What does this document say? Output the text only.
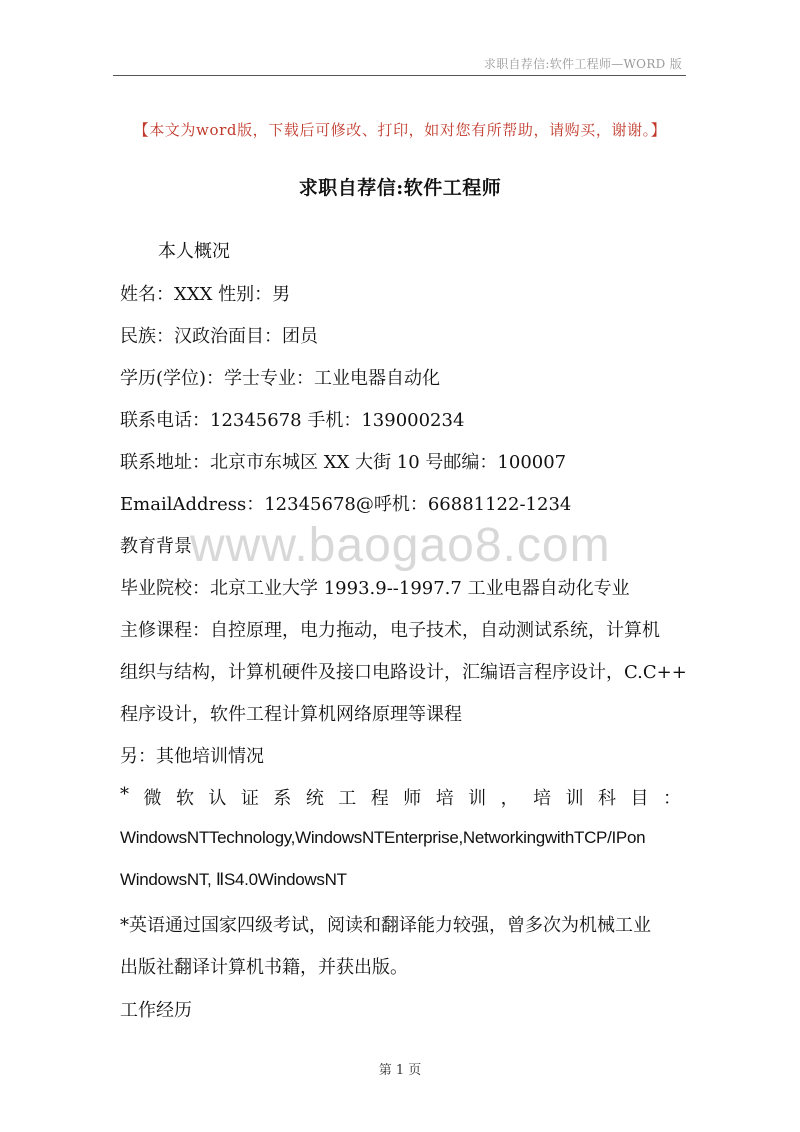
求职自荐信:软件工程师—WORD 版
【本文为word版，下载后可修改、打印，如对您有所帮助，请购买，谢谢。】
求职自荐信:软件工程师
www.baogao8.com
本人概况
姓名：XXX 性别：男
民族：汉政治面目：团员
学历(学位)：学士专业：工业电器自动化
联系电话：12345678 手机：139000234
联系地址：北京市东城区 XX 大街 10 号邮编：100007
EmailAddress：12345678@呼机：66881122-1234
教育背景
毕业院校：北京工业大学 1993.9--1997.7 工业电器自动化专业
主修课程：自控原理，电力拖动，电子技术，自动测试系统，计算机
组织与结构，计算机硬件及接口电路设计，汇编语言程序设计，C.C++
程序设计，软件工程计算机网络原理等课程
另：其他培训情况
* 微 软 认 证 系 统 工 程 师 培 训 ， 培 训 科 目 ：
WindowsNTTechnology,WindowsNTEnterprise,NetworkingwithTCP/IPon
WindowsNT, ⅡS4.0WindowsNT
*英语通过国家四级考试，阅读和翻译能力较强，曾多次为机械工业
出版社翻译计算机书籍，并获出版。
工作经历
第 1 页
